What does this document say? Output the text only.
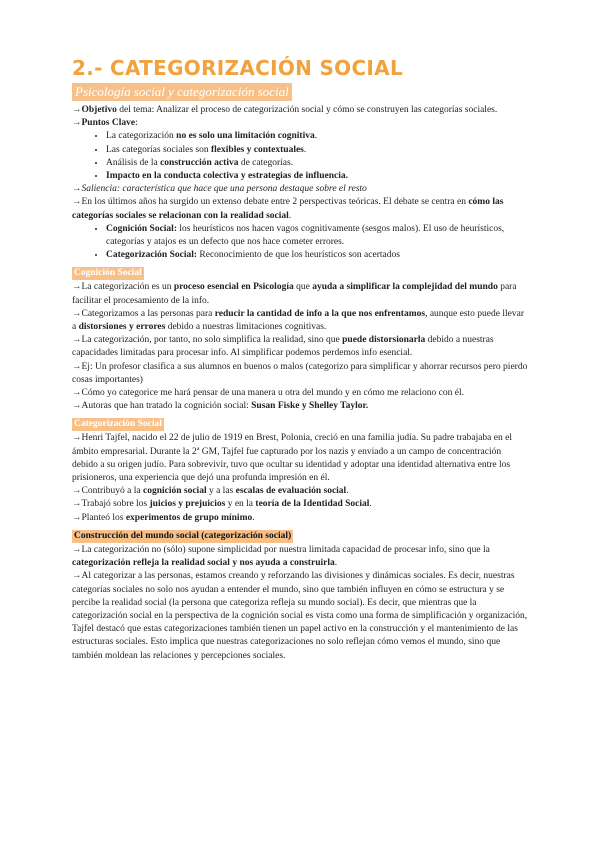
2.- CATEGORIZACIÓN SOCIAL
Psicología social y categorización social

→Objetivo del tema: Analizar el proceso de categorización social y cómo se construyen las categorías sociales.

→Puntos Clave:

• La categorización no es solo una limitación cognitiva.
• Las categorías sociales son flexibles y contextuales.
• Análisis de la construcción activa de categorías.
• Impacto en la conducta colectiva y estrategias de influencia.

→Saliencia: característica que hace que una persona destaque sobre el resto

→En los últimos años ha surgido un extenso debate entre 2 perspectivas teóricas. El debate se centra en cómo las categorías sociales se relacionan con la realidad social.

• Cognición Social: los heurísticos nos hacen vagos cognitivamente (sesgos malos). El uso de heurísticos, categorías y atajos es un defecto que nos hace cometer errores.
• Categorización Social: Reconocimiento de que los heurísticos son acertados
Cognición Social

→La categorización es un proceso esencial en Psicología que ayuda a simplificar la complejidad del mundo para facilitar el procesamiento de la info.

→Categorizamos a las personas para reducir la cantidad de info a la que nos enfrentamos, aunque esto puede llevar a distorsiones y errores debido a nuestras limitaciones cognitivas.

→La categorización, por tanto, no solo simplifica la realidad, sino que puede distorsionarla debido a nuestras capacidades limitadas para procesar info. Al simplificar podemos perdemos info esencial.

→Ej: Un profesor clasifica a sus alumnos en buenos o malos (categorizo para simplificar y ahorrar recursos pero pierdo cosas importantes)

→Cómo yo categorice me hará pensar de una manera u otra del mundo y en cómo me relaciono con él.

→Autoras que han tratado la cognición social: Susan Fiske y Shelley Taylor.

Categorización Social

→Henri Tajfel, nacido el 22 de julio de 1919 en Brest, Polonia, creció en una familia judía. Su padre trabajaba en el ámbito empresarial. Durante la 2ª GM, Tajfel fue capturado por los nazis y enviado a un campo de concentración debido a su origen judío. Para sobrevivir, tuvo que ocultar su identidad y adoptar una identidad alternativa entre los prisioneros, una experiencia que dejó una profunda impresión en él.

→Contribuyó a la cognición social y a las escalas de evaluación social.

→Trabajó sobre los juicios y prejuicios y en la teoría de la Identidad Social.

→Planteó los experimentos de grupo mínimo.

Construcción del mundo social (categorización social)

→La categorización no (sólo) supone simplicidad por nuestra limitada capacidad de procesar info, sino que la categorización refleja la realidad social y nos ayuda a construirla.

→Al categorizar a las personas, estamos creando y reforzando las divisiones y dinámicas sociales. Es decir, nuestras categorías sociales no solo nos ayudan a entender el mundo, sino que también influyen en cómo se estructura y se percibe la realidad social (la persona que categoriza refleja su mundo social). Es decir, que mientras que la categorización social en la perspectiva de la cognición social es vista como una forma de simplificación y organización, Tajfel destacó que estas categorizaciones también tienen un papel activo en la construcción y el mantenimiento de las estructuras sociales. Esto implica que nuestras categorizaciones no solo reflejan cómo vemos el mundo, sino que también moldean las relaciones y percepciones sociales.
